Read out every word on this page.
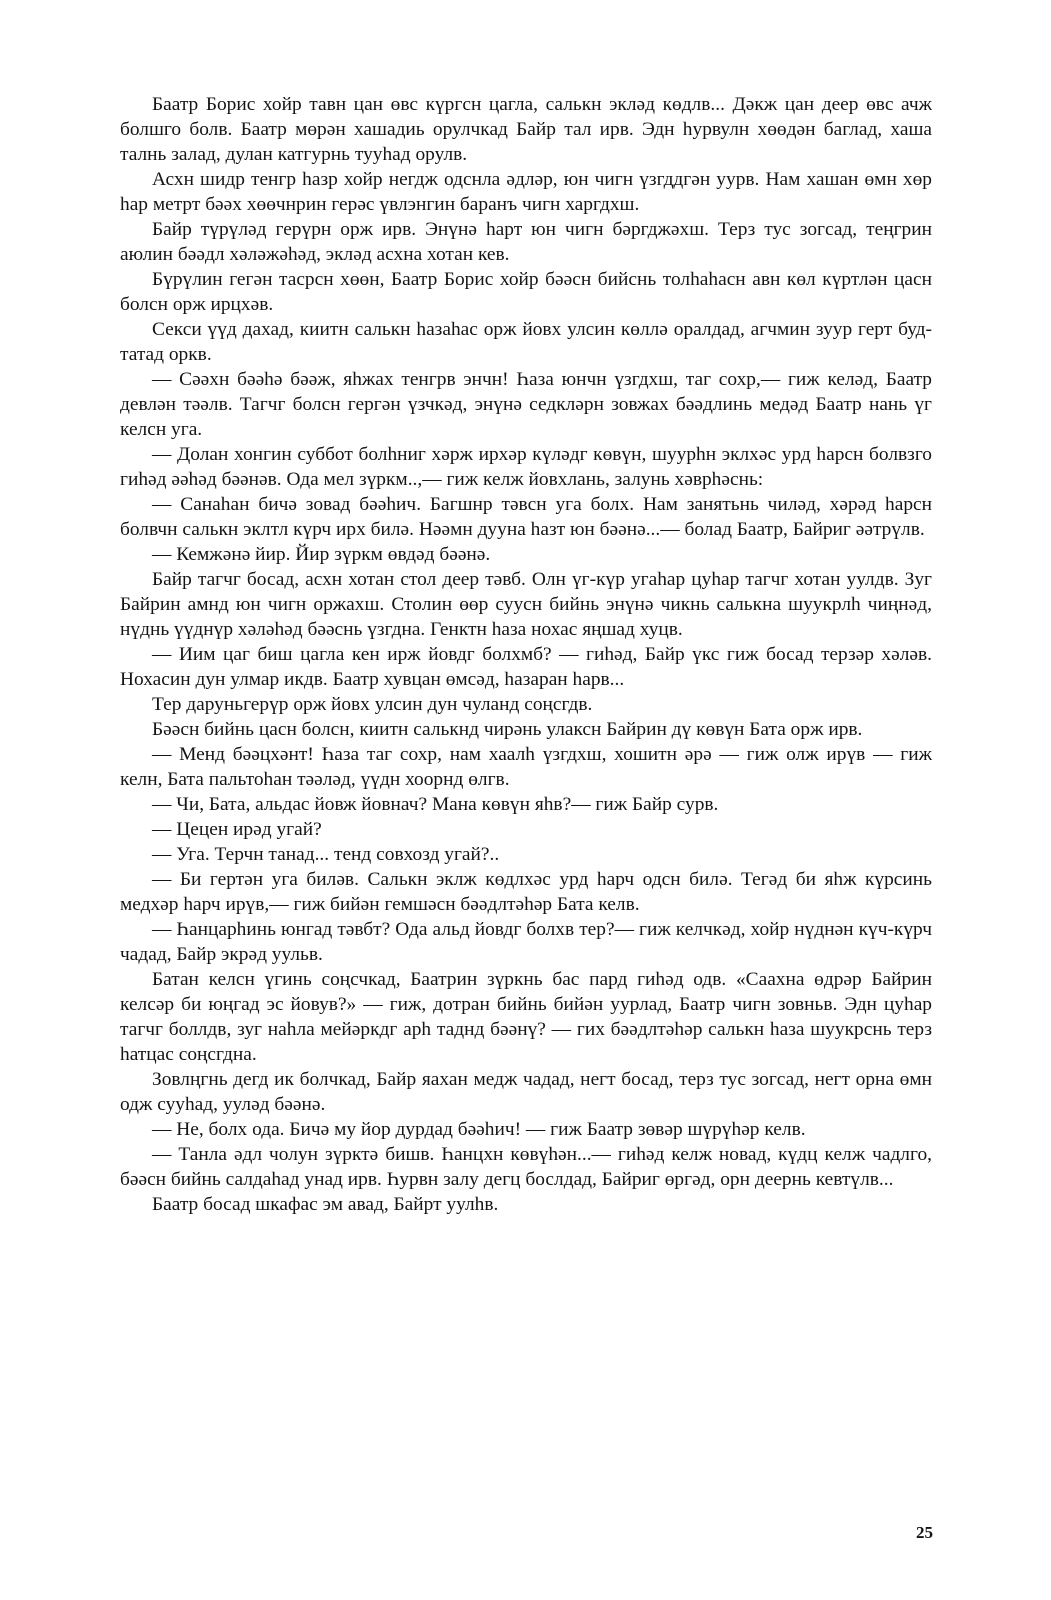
Баатр Борис хойр тавн цан өвс күргсн цагла, салькн эклəд көдлв... Дəкж цан деер өвс ачж болшго болв. Баатр мөрəн хашадиь орулчкад Байр тал ирв. Эдн һурвулн хөөдəн баглад, хаша талнь залад, дулан катгурнь тууһад орулв.

Асхн шидр тенгр һазр хойр негдж одснла əдлəр, юн чигн үзгддгəн уурв. Нам хашан өмн хөр һар метрт бəəх хөөчнрин герəс үвлэнгин баранъ чигн харгдхш.

Байр түрүлəд герүрн орж ирв. Энүнə һарт юн чигн бəргджəхш. Терз тус зогсад, теңгрин аюлин бəəдл хəлəжəһəд, эклəд асхна хотан кев.

Бүрүлин гегəн тасрсн хөөн, Баатр Борис хойр бəəсн бийснь толһаһасн авн көл күртлəн цасн болсн орж ирцхəв.

Секси үүд дахад, киитн салькн һазаһас орж йовх улсин көллə оралдад, агчмин зуур герт буд-татад оркв.

— Сəəхн бəəһə бəəж, яһжах тенгрв энчн! Һаза юнчн үзгдхш, таг сохр,— гиж келəд, Баатр девлəн тəəлв. Тагчг болсн гергəн үзчкəд, энүнə седклəрн зовжах бəəдлинь медəд Баатр нань үг келсн уга.

— Долан хонгин суббот болһниг хəрж ирхəр күлəдг көвүн, шуурһн эклхəс урд һарсн болвзго гиһəд əəһəд бəəнəв. Ода мел зүркм..,— гиж келж йовхлань, залунь хəврһəснь:

— Санаһан бичə зовад бəəһич. Багшнр тəвсн уга болх. Нам занятьнь чилəд, хəрəд һарсн болвчн салькн эклтл күрч ирх билə. Нəəмн дууна һазт юн бəəнə...— болад Баатр, Байриг əəтрүлв.

— Кемжəнə йир. Йир зүркм өвдəд бəəнə.

Байр тагчг босад, асхн хотан стол деер тəвб. Олн үг-күр угаһар цуһар тагчг хотан уулдв. Зуг Байрин амнд юн чигн оржахш. Столин өөр суусн бийнь энүнə чикнь салькна шуукрлһ чиңнəд, нүднь үүднүр хəлəһəд бəəснь үзгдна. Генктн һаза нохас яңшад хуцв.

— Иим цаг биш цагла кен ирж йовдг болхмб? — гиһəд, Байр үкс гиж босад терзəр хəлəв. Нохасин дун улмар икдв. Баатр хувцан өмсəд, һазаран һарв...

Тер даруньгерүр орж йовх улсин дун чуланд соңсгдв.

Бəəсн бийнь цасн болсн, киитн салькнд чирəнь улаксн Байрин дү көвүн Бата орж ирв.

— Менд бəəцхəнт! Һаза таг сохр, нам хаалһ үзгдхш, хошитн əрə — гиж олж ирүв — гиж келн, Бата пальтоһан тəəлəд, үүдн хоорнд өлгв.

— Чи, Бата, альдас йовж йовнач? Мана көвүн яһв?— гиж Байр сурв.

— Цецен ирəд угай?

— Уга. Терчн танад... тенд совхозд угай?..

— Би гертəн уга билəв. Салькн эклж көдлхəс урд һарч одсн билə. Тегəд би яһж күрсинь медхəр һарч ирүв,— гиж бийəн гемшəсн бəəдлтəһəр Бата келв.

— Һанцарһинь юнгад тəвбт? Ода альд йовдг болхв тер?— гиж келчкəд, хойр нүднəн күч-күрч чадад, Байр экрəд уульв.

Батан келсн үгинь соңсчкад, Баатрин зүркнь бас пард гиһəд одв. «Саахна өдрəр Байрин келсəр би юңгад эс йовув?» — гиж, дотран бийнь бийəн уурлад, Баатр чигн зовньв. Эдн цуһар тагчг боллдв, зуг наһла мейəркдг арһ таднд бəəнү? — гих бəəдлтəһəр салькн һаза шуукрснь терз һатцас соңсгдна.

Зовлңгнь дегд ик болчкад, Байр яахан медж чадад, негт босад, терз тус зогсад, негт орна өмн одж сууһад, уулəд бəəнə.

— Не, болх ода. Бичə му йор дурдад бəəһич! — гиж Баатр зөвəр шүрүһəр келв.

— Танла əдл чолун зүрктə бишв. Һанцхн көвүһəн...— гиһəд келж новад, күдц келж чадлго, бəəсн бийнь салдаһад унад ирв. Һурвн залу дегц бослдад, Байриг өргəд, орн деернь кевтүлв...

Баатр босад шкафас эм авад, Байрт уулһв.

25
